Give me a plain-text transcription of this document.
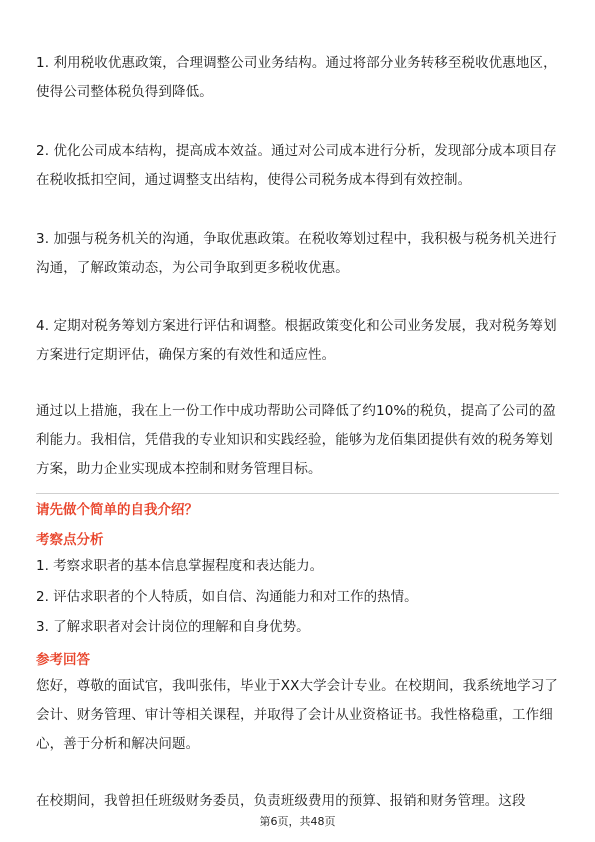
1. 利用税收优惠政策，合理调整公司业务结构。通过将部分业务转移至税收优惠地区，使得公司整体税负得到降低。

2. 优化公司成本结构，提高成本效益。通过对公司成本进行分析，发现部分成本项目存在税收抵扣空间，通过调整支出结构，使得公司税务成本得到有效控制。

3. 加强与税务机关的沟通，争取优惠政策。在税收筹划过程中，我积极与税务机关进行沟通，了解政策动态，为公司争取到更多税收优惠。

4. 定期对税务筹划方案进行评估和调整。根据政策变化和公司业务发展，我对税务筹划方案进行定期评估，确保方案的有效性和适应性。

通过以上措施，我在上一份工作中成功帮助公司降低了约10%的税负，提高了公司的盈利能力。我相信，凭借我的专业知识和实践经验，能够为龙佰集团提供有效的税务筹划方案，助力企业实现成本控制和财务管理目标。

请先做个简单的自我介绍？
考察点分析
1. 考察求职者的基本信息掌握程度和表达能力。
2. 评估求职者的个人特质，如自信、沟通能力和对工作的热情。
3. 了解求职者对会计岗位的理解和自身优势。
参考回答

您好，尊敬的面试官，我叫张伟，毕业于XX大学会计专业。在校期间，我系统地学习了会计、财务管理、审计等相关课程，并取得了会计从业资格证书。我性格稳重，工作细心，善于分析和解决问题。

在校期间，我曾担任班级财务委员，负责班级费用的预算、报销和财务管理。这段

第6页，共48页
